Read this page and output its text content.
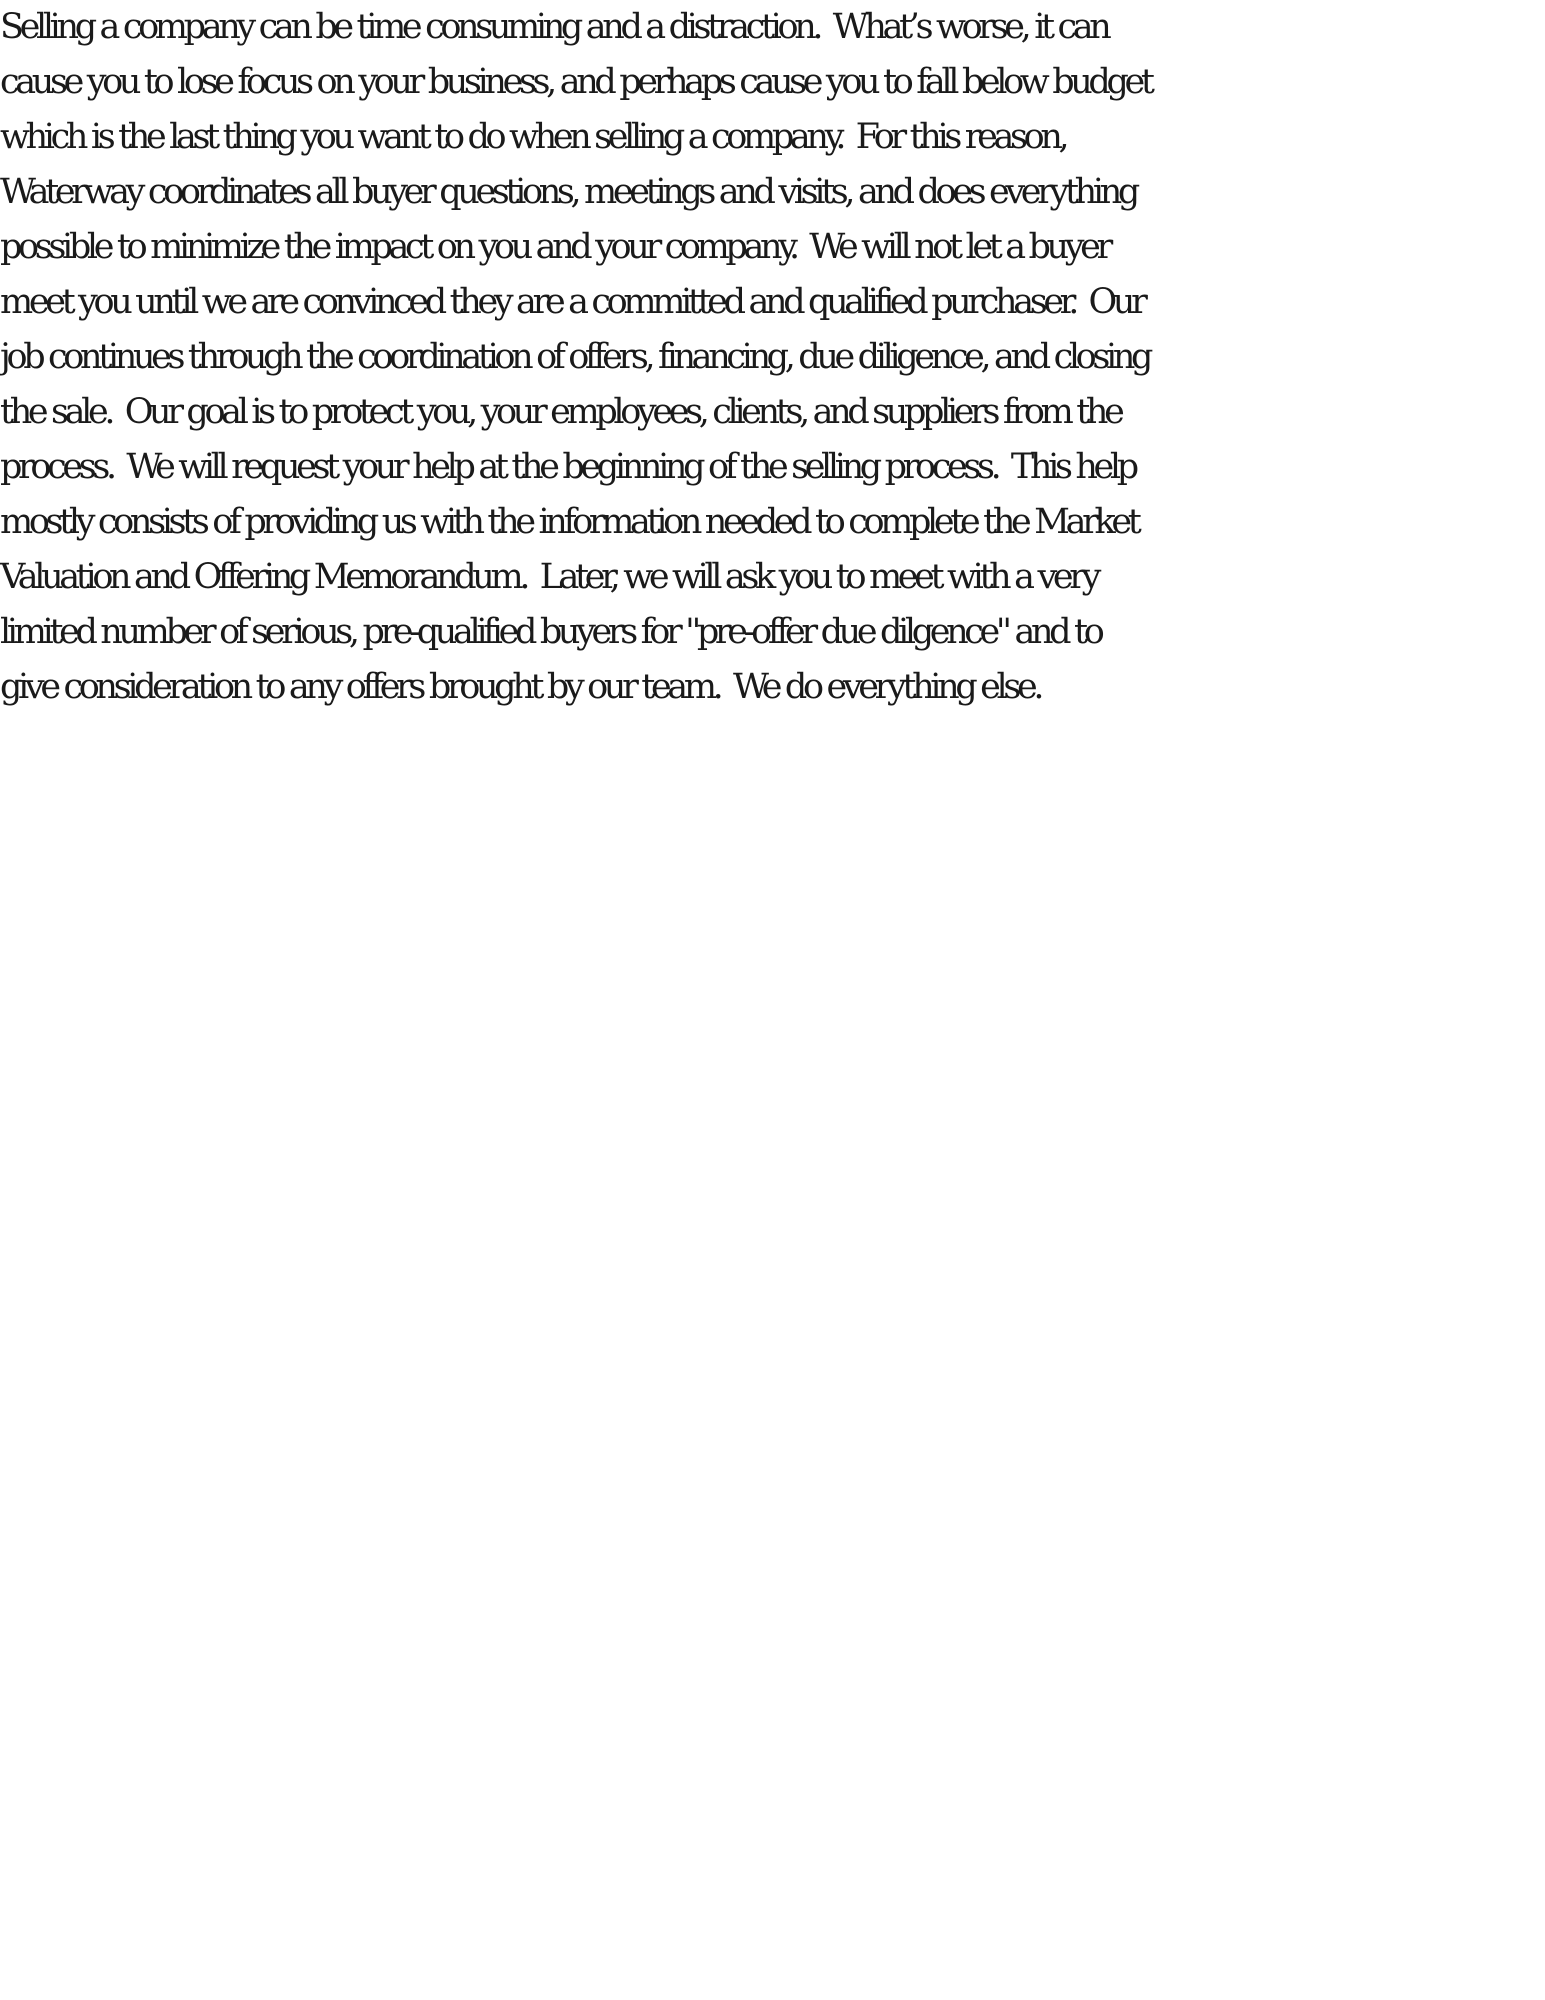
Selling a company can be time consuming and a distraction.  What’s worse, it can
cause you to lose focus on your business, and perhaps cause you to fall below budget
which is the last thing you want to do when selling a company.  For this reason,
Waterway coordinates all buyer questions, meetings and visits, and does everything
possible to minimize the impact on you and your company.  We will not let a buyer
meet you until we are convinced they are a committed and qualified purchaser.  Our
job continues through the coordination of offers, financing, due diligence, and closing
the sale.  Our goal is to protect you, your employees, clients, and suppliers from the
process.  We will request your help at the beginning of the selling process.  This help
mostly consists of providing us with the information needed to complete the Market
Valuation and Offering Memorandum.  Later, we will ask you to meet with a very
limited number of serious, pre-qualified buyers for "pre-offer due dilgence" and to
give consideration to any offers brought by our team.  We do everything else.
